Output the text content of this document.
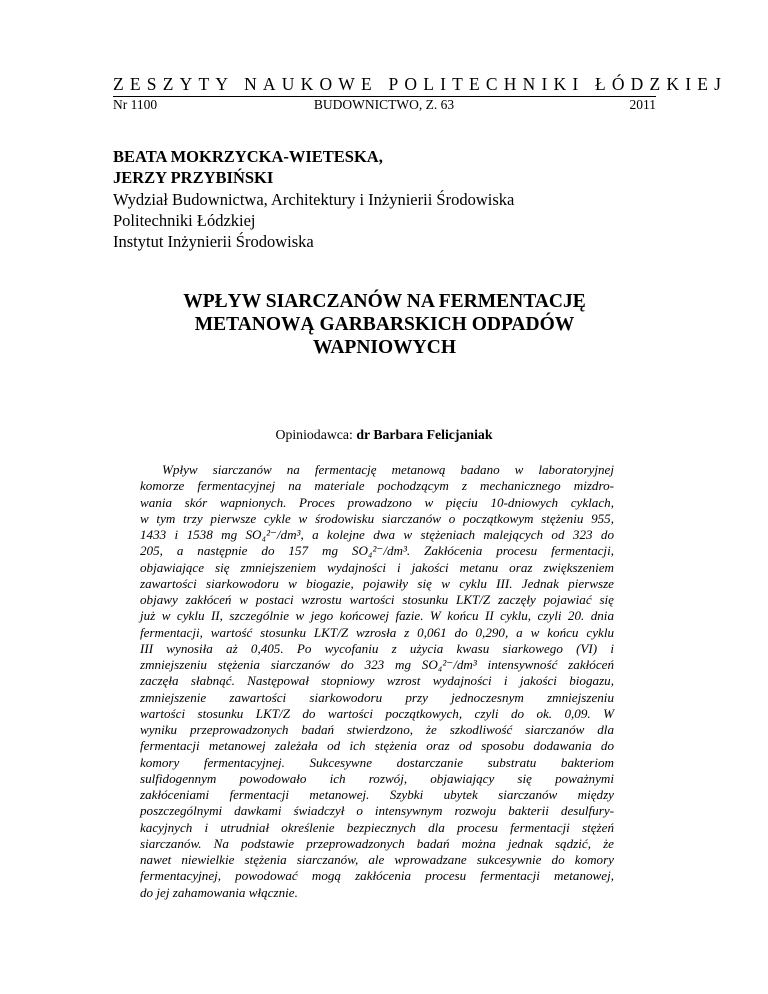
ZESZYTY NAUKOWE POLITECHNIKI ŁÓDZKIEJ
Nr 1100	BUDOWNICTWO, Z. 63	2011
BEATA MOKRZYCKA-WIETESKA,
JERZY PRZYBIŃSKI
Wydział Budownictwa, Architektury i Inżynierii Środowiska
Politechniki Łódzkiej
Instytut Inżynierii Środowiska
WPŁYW SIARCZANÓW NA FERMENTACJĘ
METANOWĄ GARBARSKICH ODPADÓW
WAPNIOWYCH
Opiniodawca: dr Barbara Felicjaniak
Wpływ siarczanów na fermentację metanową badano w laboratoryjnej
komorze fermentacyjnej na materiale pochodzącym z mechanicznego mizdro-
wania skór wapnionych. Proces prowadzono w pięciu 10-dniowych cyklach,
w tym trzy pierwsze cykle w środowisku siarczanów o początkowym stężeniu 955,
1433 i 1538 mg SO₄²⁻/dm³, a kolejne dwa w stężeniach malejących od 323 do
205, a następnie do 157 mg SO₄²⁻/dm³. Zakłócenia procesu fermentacji,
objawiające się zmniejszeniem wydajności i jakości metanu oraz zwiększeniem
zawartości siarkowodoru w biogazie, pojawiły się w cyklu III. Jednak pierwsze
objawy zakłóceń w postaci wzrostu wartości stosunku LKT/Z zaczęły pojawiać się
już w cyklu II, szczególnie w jego końcowej fazie. W końcu II cyklu, czyli 20. dnia
fermentacji, wartość stosunku LKT/Z wzrosła z 0,061 do 0,290, a w końcu cyklu
III wynosiła aż 0,405. Po wycofaniu z użycia kwasu siarkowego (VI) i
zmniejszeniu stężenia siarczanów do 323 mg SO₄²⁻/dm³ intensywność zakłóceń
zaczęła słabnąć. Następował stopniowy wzrost wydajności i jakości biogazu,
zmniejszenie zawartości siarkowodoru przy jednoczesnym zmniejszeniu
wartości stosunku LKT/Z do wartości początkowych, czyli do ok. 0,09. W
wyniku przeprowadzonych badań stwierdzono, że szkodliwość siarczanów dla
fermentacji metanowej zależała od ich stężenia oraz od sposobu dodawania do
komory fermentacyjnej. Sukcesywne dostarczanie substratu bakteriom
sulfidogennym powodowało ich rozwój, objawiający się poważnymi
zakłóceniami fermentacji metanowej. Szybki ubytek siarczanów między
poszczególnymi dawkami świadczył o intensywnym rozwoju bakterii desulfury-
kacyjnych i utrudniał określenie bezpiecznych dla procesu fermentacji stężeń
siarczanów. Na podstawie przeprowadzonych badań można jednak sądzić, że
nawet niewielkie stężenia siarczanów, ale wprowadzane sukcesywnie do komory
fermentacyjnej, powodować mogą zakłócenia procesu fermentacji metanowej,
do jej zahamowania włącznie.
